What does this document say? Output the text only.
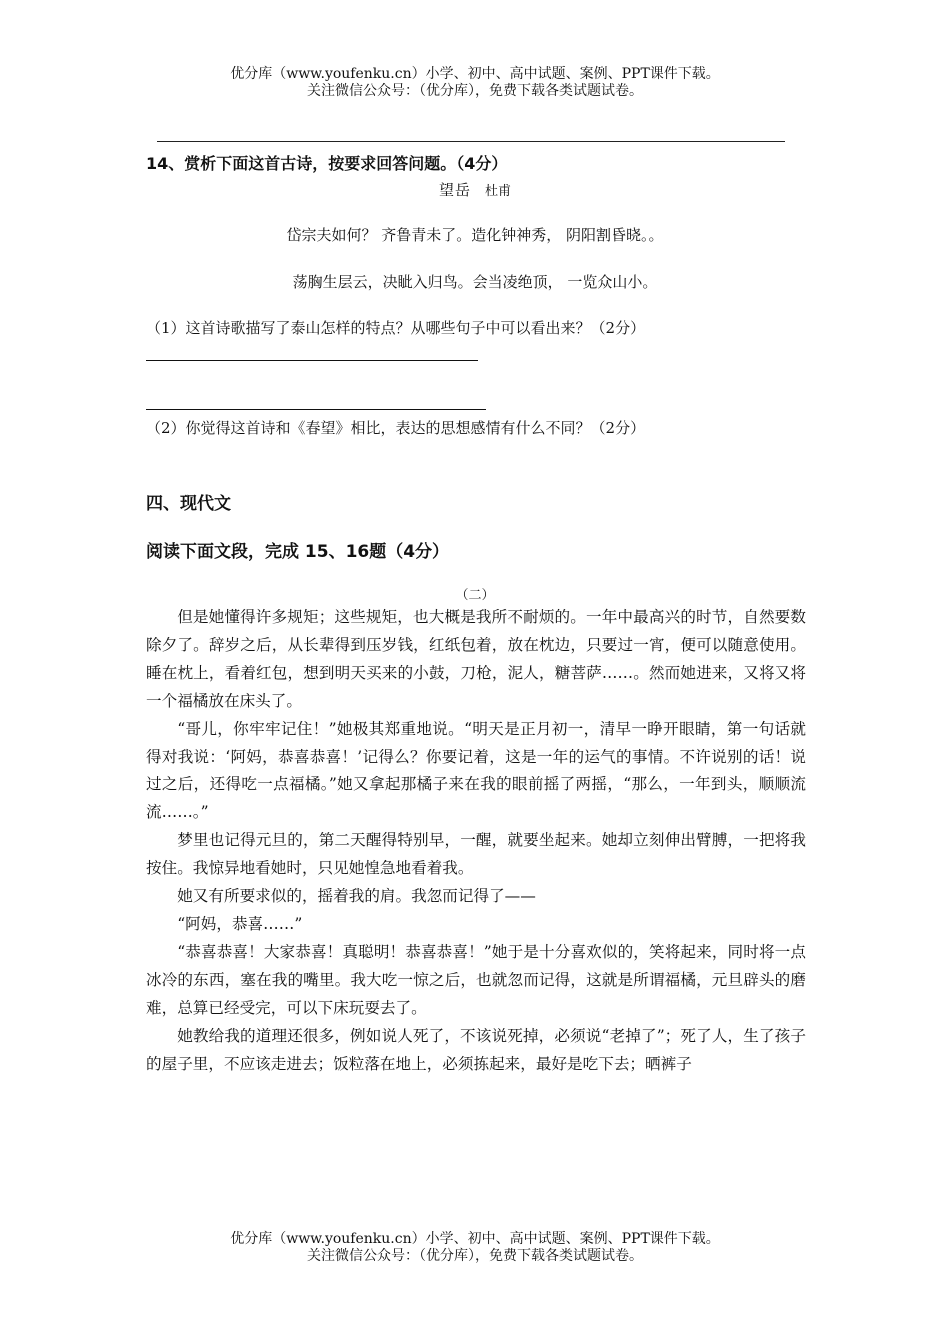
优分库（www.youfenku.cn）小学、初中、高中试题、案例、PPT课件下载。
关注微信公众号：（优分库），免费下载各类试题试卷。
14、赏析下面这首古诗，按要求回答问题。（4分）
望岳 杜甫
岱宗夫如何？ 齐鲁青未了。造化钟神秀， 阴阳割昏晓。。
荡胸生层云，决眦入归鸟。会当凌绝顶， 一览众山小。
（1）这首诗歌描写了泰山怎样的特点？从哪些句子中可以看出来？（2分）
（2）你觉得这首诗和《春望》相比，表达的思想感情有什么不同？（2分）
四、现代文
阅读下面文段，完成 15、16题（4分）
（二）

但是她懂得许多规矩；这些规矩，也大概是我所不耐烦的。一年中最高兴的时节，自然要数除夕了。辞岁之后，从长辈得到压岁钱，红纸包着，放在枕边，只要过一宵，便可以随意使用。睡在枕上，看着红包，想到明天买来的小鼓，刀枪，泥人，糖菩萨……。然而她进来，又将又将一个福橘放在床头了。

“哥儿，你牢牢记住！”她极其郑重地说。“明天是正月初一，清早一睁开眼睛，第一句话就得对我说：‘阿妈，恭喜恭喜！’记得么？你要记着，这是一年的运气的事情。不许说别的话！说过之后，还得吃一点福橘。”她又拿起那橘子来在我的眼前摇了两摇，“那么，一年到头，顺顺流流……。”

梦里也记得元旦的，第二天醒得特别早，一醒，就要坐起来。她却立刻伸出臂膊，一把将我按住。我惊异地看她时，只见她惶急地看着我。

她又有所要求似的，摇着我的肩。我忽而记得了——

“阿妈，恭喜……”

“恭喜恭喜！大家恭喜！真聪明！恭喜恭喜！”她于是十分喜欢似的，笑将起来，同时将一点冰冷的东西，塞在我的嘴里。我大吃一惊之后，也就忽而记得，这就是所谓福橘，元旦辟头的磨难，总算已经受完，可以下床玩耍去了。

她教给我的道理还很多，例如说人死了，不该说死掉，必须说“老掉了”；死了人，生了孩子的屋子里，不应该走进去；饭粒落在地上，必须拣起来，最好是吃下去；晒裤子

优分库（www.youfenku.cn）小学、初中、高中试题、案例、PPT课件下载。
关注微信公众号：（优分库），免费下载各类试题试卷。
